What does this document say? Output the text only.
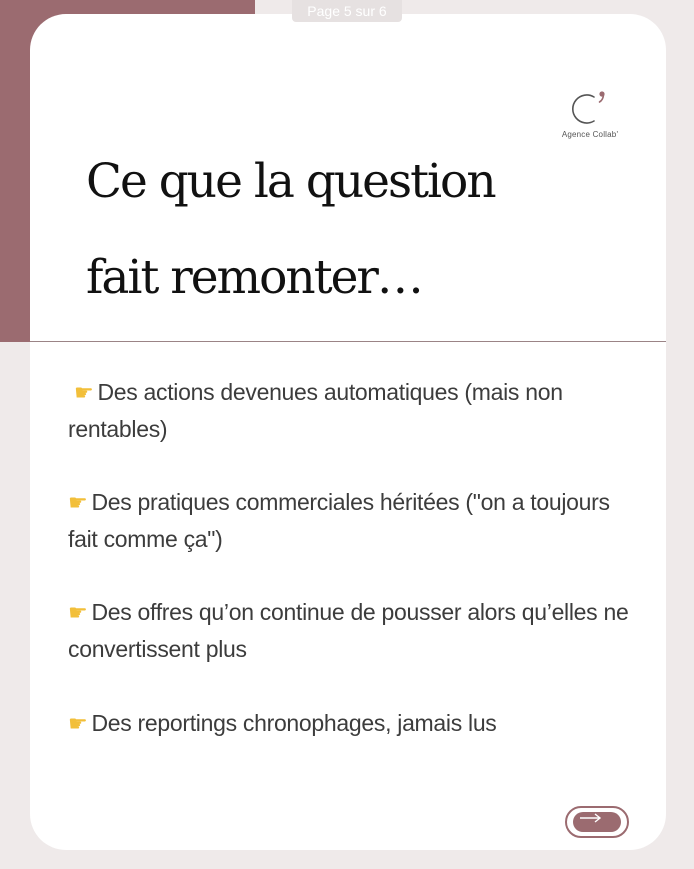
Page 5 sur 6
Agence Collab'
Ce que la question
fait remonter…
☛ Des actions devenues automatiques (mais non rentables)
☛ Des pratiques commerciales héritées ("on a toujours fait comme ça")
☛ Des offres qu’on continue de pousser alors qu’elles ne convertissent plus
☛ Des reportings chronophages, jamais lus
